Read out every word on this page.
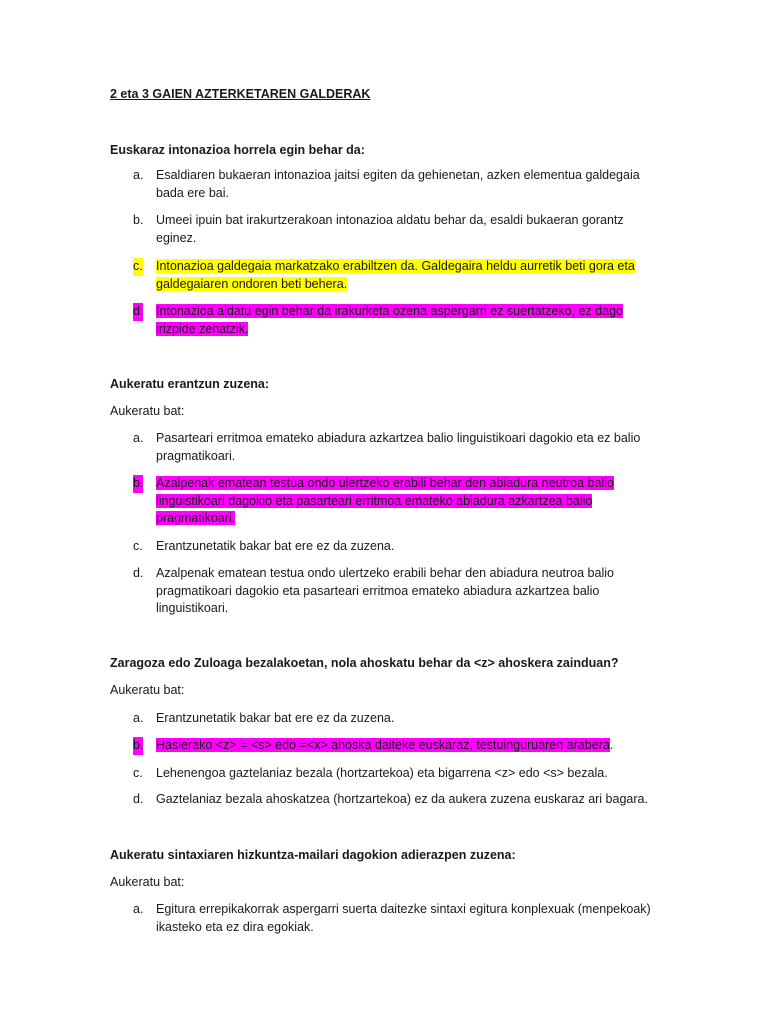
2 eta 3 GAIEN AZTERKETAREN GALDERAK

Euskaraz intonazioa horrela egin behar da:

a. Esaldiaren bukaeran intonazioa jaitsi egiten da gehienetan, azken elementua galdegaia bada ere bai.
b. Umeei ipuin bat irakurtzerakoan intonazioa aldatu behar da, esaldi bukaeran gorantz eginez.
c. Intonazioa galdegaia markatzako erabiltzen da. Galdegaira heldu aurretik beti gora eta galdegaiaren ondoren beti behera.
d. Intonazioa aldatu egin behar da irakurketa ozena aspergarri ez suertatzeko, ez dago irizpide zehatzik.

Aukeratu erantzun zuzena:

Aukeratu bat:

a. Pasarteari erritmoa emateko abiadura azkartzea balio linguistikoari dagokio eta ez balio pragmatikoari.
b. Azalpenak ematean testua ondo ulertzeko erabili behar den abiadura neutroa balio linguistikoari dagokio eta pasarteari erritmoa emateko abiadura azkartzea balio pragmatikoari.
c. Erantzunetatik bakar bat ere ez da zuzena.
d. Azalpenak ematean testua ondo ulertzeko erabili behar den abiadura neutroa balio pragmatikoari dagokio eta pasarteari erritmoa emateko abiadura azkartzea balio linguistikoari.

Zaragoza edo Zuloaga bezalakoetan, nola ahoskatu behar da <z> ahoskera zainduan?

Aukeratu bat:

a. Erantzunetatik bakar bat ere ez da zuzena.
b. Hasierako <z> = <s> edo =<x> ahoska daiteke euskaraz, testuinguruaren arabera.
c. Lehenengoa gaztelaniaz bezala (hortzartekoa) eta bigarrena <z> edo <s> bezala.
d. Gaztelaniaz bezala ahoskatzea (hortzartekoa) ez da aukera zuzena euskaraz ari bagara.

Aukeratu sintaxiaren hizkuntza-mailari dagokion adierazpen zuzena:

Aukeratu bat:

a. Egitura errepikakorrak aspergarri suerta daitezke sintaxi egitura konplexuak (menpekoak) ikasteko eta ez dira egokiak.
